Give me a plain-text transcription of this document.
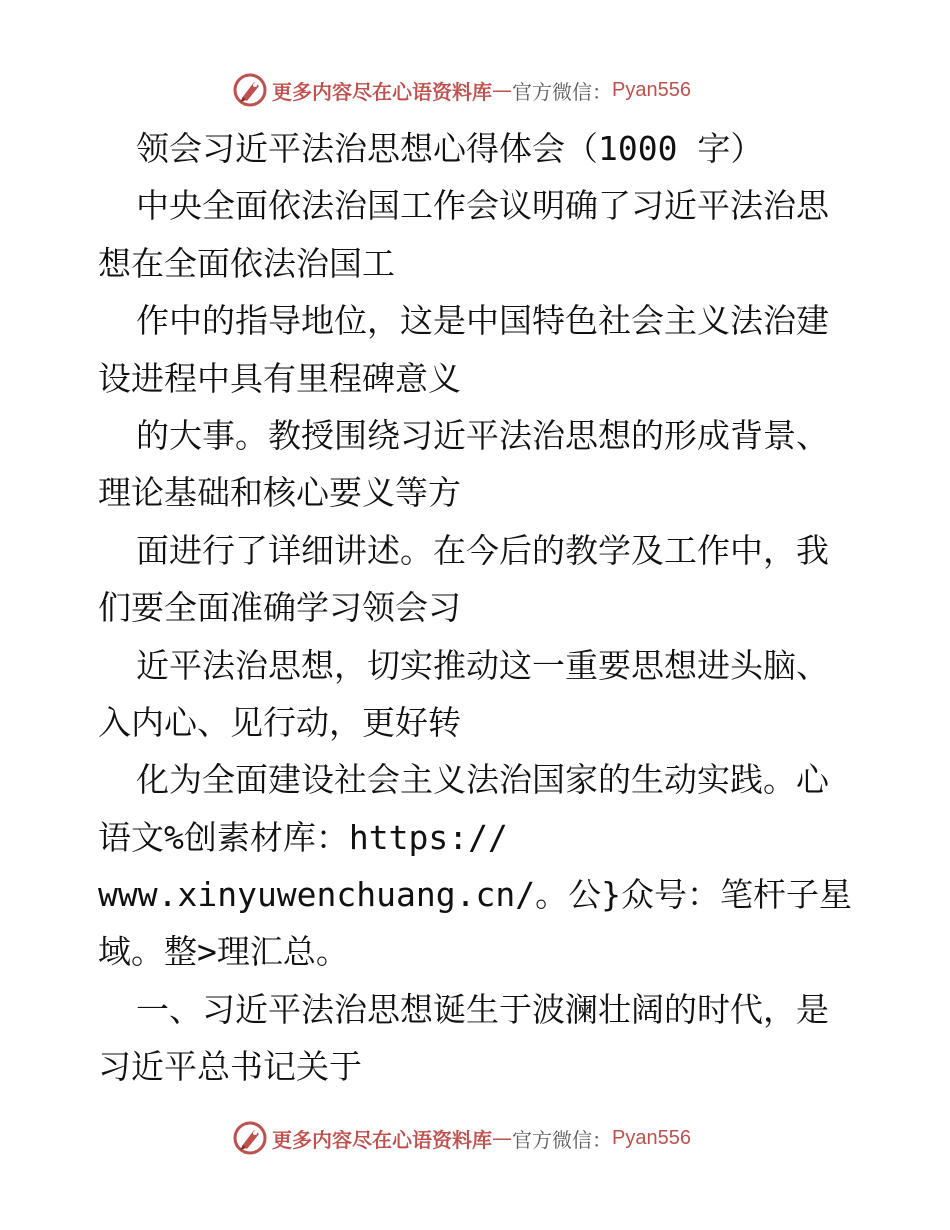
更多内容尽在心语资料库 — 官方微信： Pyan556
领会习近平法治思想心得体会（1000 字）
中央全面依法治国工作会议明确了习近平法治思
想在全面依法治国工
作中的指导地位，这是中国特色社会主义法治建
设进程中具有里程碑意义
的大事。教授围绕习近平法治思想的形成背景、
理论基础和核心要义等方
面进行了详细讲述。在今后的教学及工作中，我
们要全面准确学习领会习
近平法治思想，切实推动这一重要思想进头脑、
入内心、见行动，更好转
化为全面建设社会主义法治国家的生动实践。心
语文%创素材库：https://
www.xinyuwenchuang.cn/。公}众号：笔杆子星
域。整>理汇总。
一、习近平法治思想诞生于波澜壮阔的时代，是
习近平总书记关于
更多内容尽在心语资料库 — 官方微信： Pyan556
